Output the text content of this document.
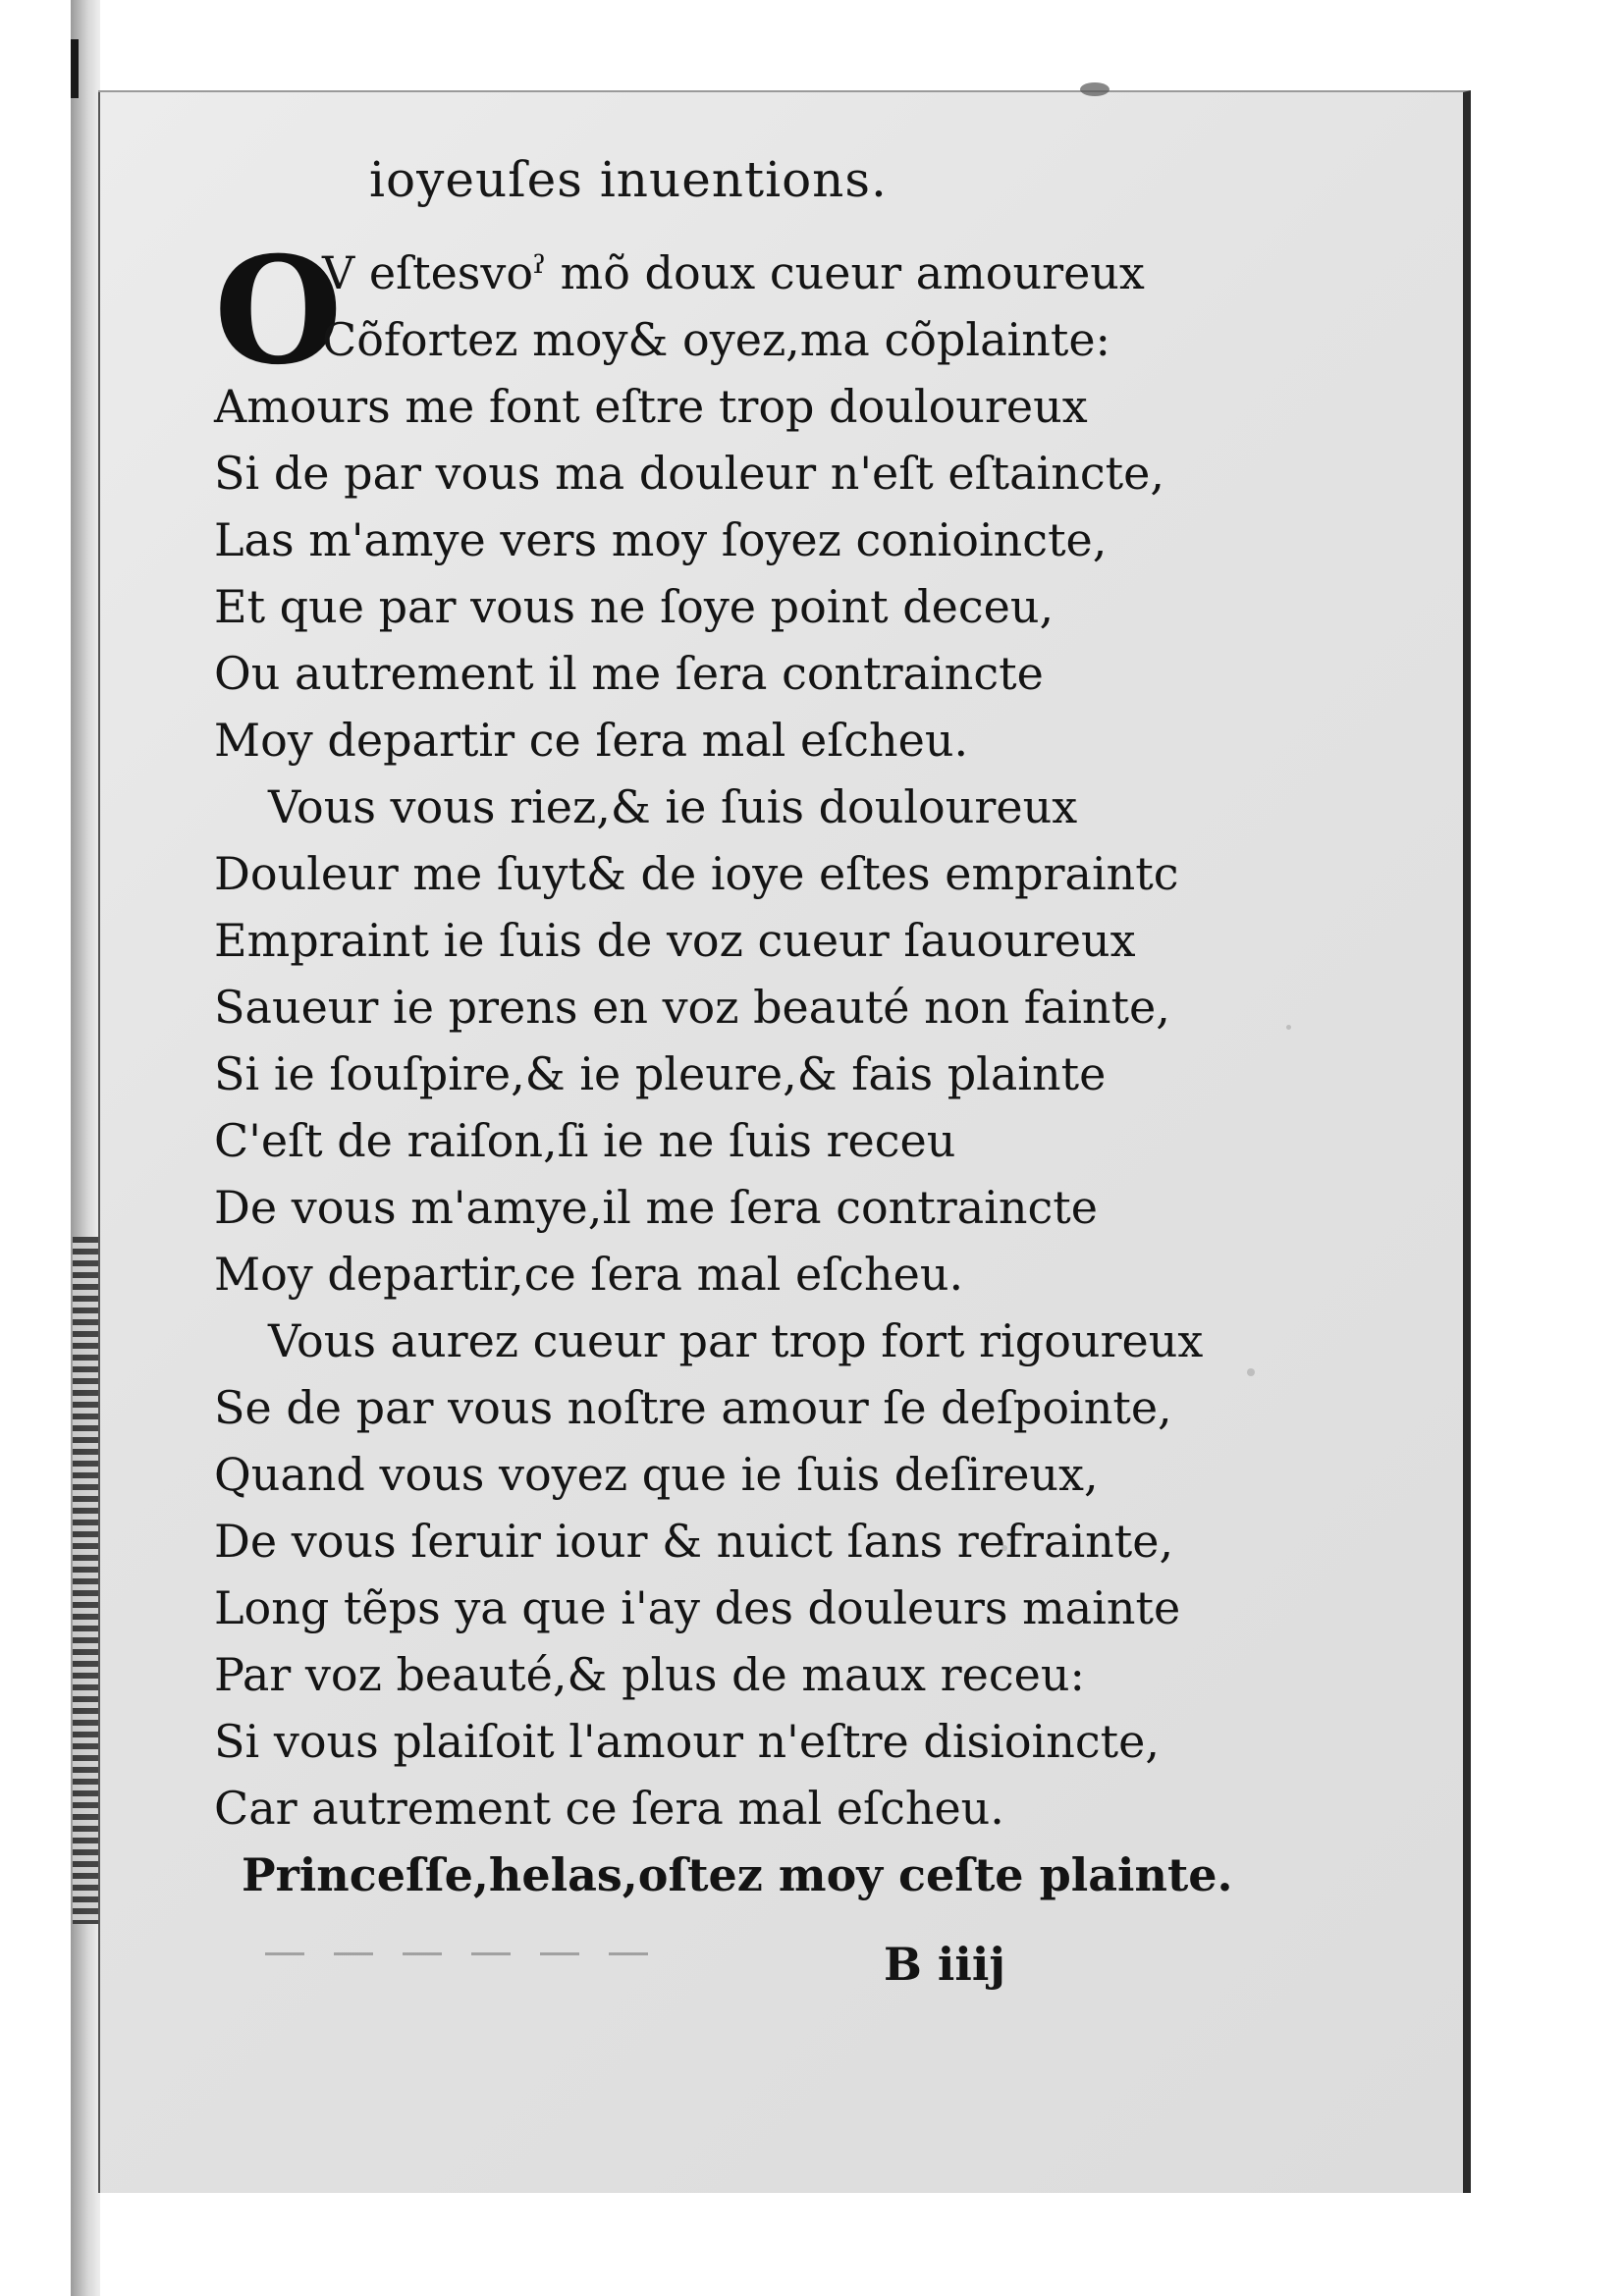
ioyeuſes inuentions.
O
V eſtesvoˀ mõ doux cueur amoureux
Cõfortez moy& oyez,ma cõplainte:
Amours me font eſtre trop douloureux
Si de par vous ma douleur n'eſt eſtaincte,
Las m'amye vers moy ſoyez conioincte,
Et que par vous ne ſoye point deceu,
Ou autrement il me ſera contraincte
Moy departir ce ſera mal eſcheu.
Vous vous riez,& ie ſuis douloureux
Douleur me ſuyt& de ioye eſtes empraintc
Empraint ie ſuis de voz cueur ſauoureux
Saueur ie prens en voz beauté non fainte,
Si ie ſouſpire,& ie pleure,& fais plainte
C'eſt de raiſon,ſi ie ne ſuis receu
De vous m'amye,il me ſera contraincte
Moy departir,ce ſera mal eſcheu.
Vous aurez cueur par trop fort rigoureux
Se de par vous noſtre amour ſe deſpointe,
Quand vous voyez que ie ſuis deſireux,
De vous ſeruir iour & nuict ſans refrainte,
Long tẽps ya que i'ay des douleurs mainte
Par voz beauté,& plus de maux receu:
Si vous plaiſoit l'amour n'eſtre disioincte,
Car autrement ce ſera mal eſcheu.
Princeſſe,helas,oſtez moy ceſte plainte.
B iiij
